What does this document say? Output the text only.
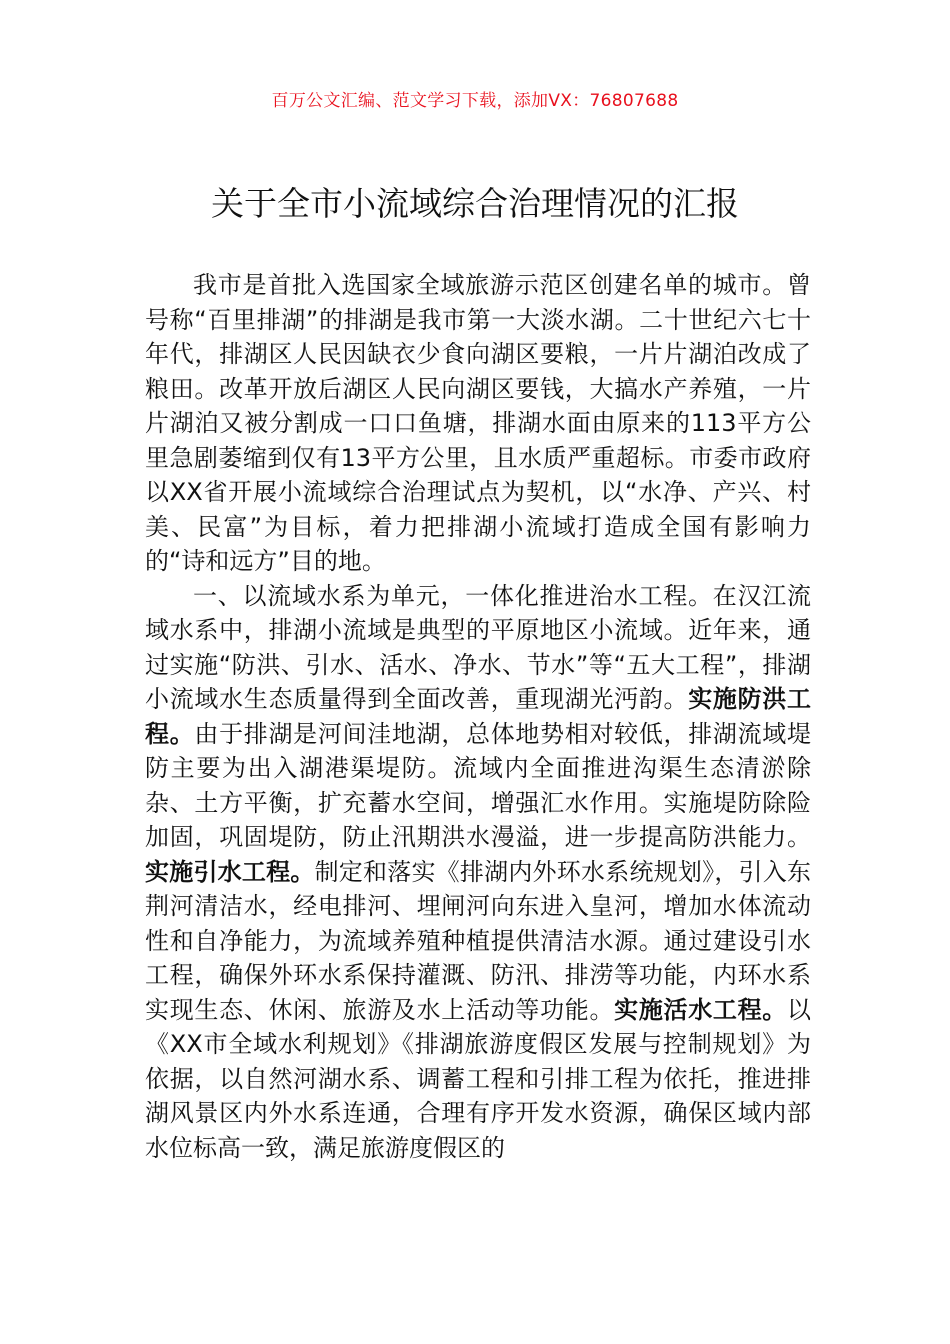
百万公文汇编、范文学习下载，添加VX：76807688
关于全市小流域综合治理情况的汇报

我市是首批入选国家全域旅游示范区创建名单的城市。曾号称“百里排湖”的排湖是我市第一大淡水湖。二十世纪六七十年代，排湖区人民因缺衣少食向湖区要粮，一片片湖泊改成了粮田。改革开放后湖区人民向湖区要钱，大搞水产养殖，一片片湖泊又被分割成一口口鱼塘，排湖水面由原来的113平方公里急剧萎缩到仅有13平方公里，且水质严重超标。市委市政府以XX省开展小流域综合治理试点为契机，以“水净、产兴、村美、民富”为目标，着力把排湖小流域打造成全国有影响力的“诗和远方”目的地。

一、以流域水系为单元，一体化推进治水工程。在汉江流域水系中，排湖小流域是典型的平原地区小流域。近年来，通过实施“防洪、引水、活水、净水、节水”等“五大工程”，排湖小流域水生态质量得到全面改善，重现湖光沔韵。实施防洪工程。由于排湖是河间洼地湖，总体地势相对较低，排湖流域堤防主要为出入湖港渠堤防。流域内全面推进沟渠生态清淤除杂、土方平衡，扩充蓄水空间，增强汇水作用。实施堤防除险加固，巩固堤防，防止汛期洪水漫溢，进一步提高防洪能力。实施引水工程。制定和落实《排湖内外环水系统规划》，引入东荆河清洁水，经电排河、埋闸河向东进入皇河，增加水体流动性和自净能力，为流域养殖种植提供清洁水源。通过建设引水工程，确保外环水系保持灌溉、防汛、排涝等功能，内环水系实现生态、休闲、旅游及水上活动等功能。实施活水工程。以《XX市全域水利规划》《排湖旅游度假区发展与控制规划》为依据，以自然河湖水系、调蓄工程和引排工程为依托，推进排湖风景区内外水系连通，合理有序开发水资源，确保区域内部水位标高一致，满足旅游度假区的
